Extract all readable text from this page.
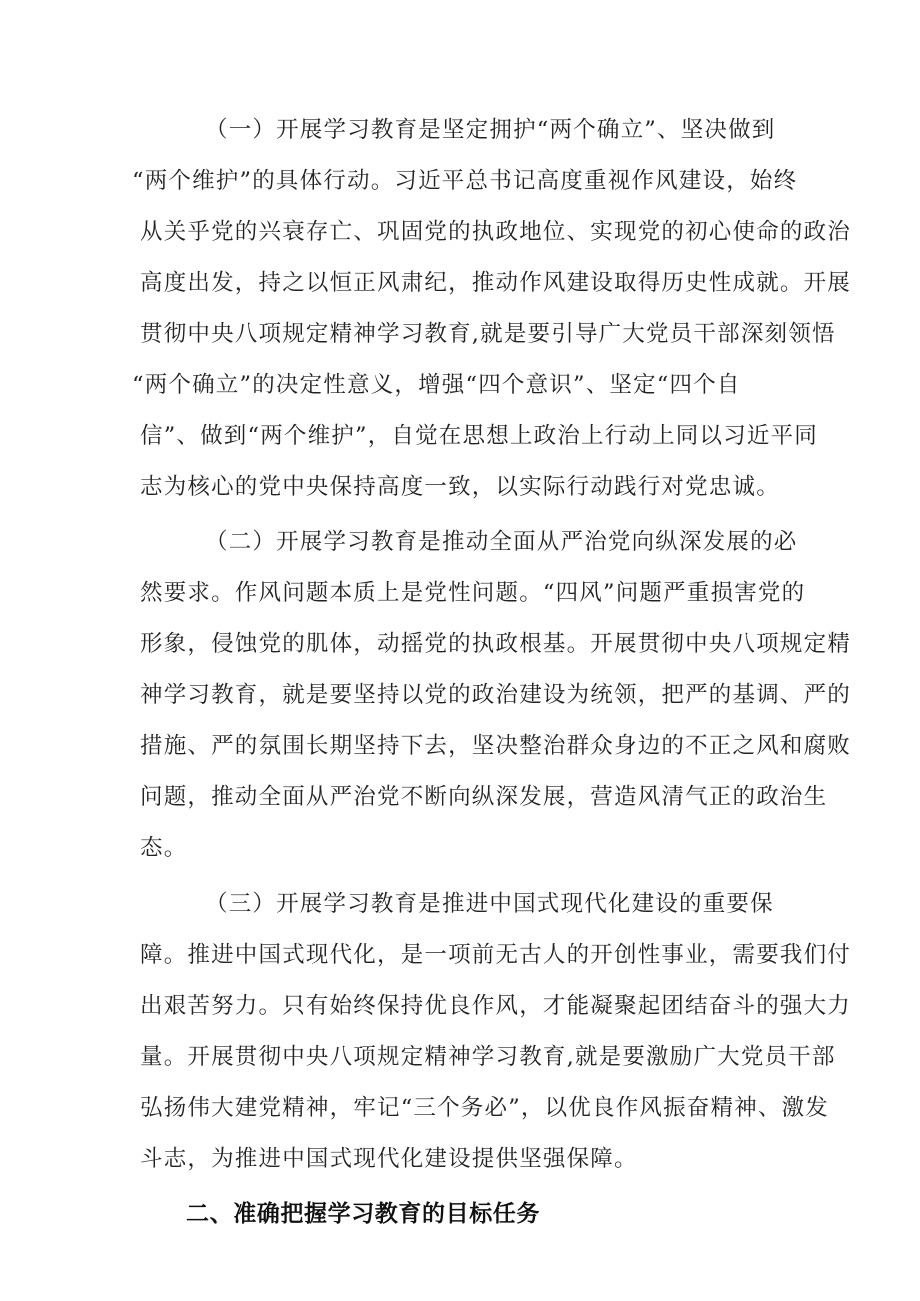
（一）开展学习教育是坚定拥护“两个确立”、坚决做到
“两个维护”的具体行动。习近平总书记高度重视作风建设，始终
从关乎党的兴衰存亡、巩固党的执政地位、实现党的初心使命的政治
高度出发，持之以恒正风肃纪，推动作风建设取得历史性成就。开展
贯彻中央八项规定精神学习教育,就是要引导广大党员干部深刻领悟
“两个确立”的决定性意义，增强“四个意识”、坚定“四个自
信”、做到“两个维护”，自觉在思想上政治上行动上同以习近平同
志为核心的党中央保持高度一致，以实际行动践行对党忠诚。
（二）开展学习教育是推动全面从严治党向纵深发展的必
然要求。作风问题本质上是党性问题。“四风”问题严重损害党的
形象，侵蚀党的肌体，动摇党的执政根基。开展贯彻中央八项规定精
神学习教育，就是要坚持以党的政治建设为统领，把严的基调、严的
措施、严的氛围长期坚持下去，坚决整治群众身边的不正之风和腐败
问题，推动全面从严治党不断向纵深发展，营造风清气正的政治生
态。
（三）开展学习教育是推进中国式现代化建设的重要保
障。推进中国式现代化，是一项前无古人的开创性事业，需要我们付
出艰苦努力。只有始终保持优良作风，才能凝聚起团结奋斗的强大力
量。开展贯彻中央八项规定精神学习教育,就是要激励广大党员干部
弘扬伟大建党精神，牢记“三个务必”，以优良作风振奋精神、激发
斗志，为推进中国式现代化建设提供坚强保障。
二、准确把握学习教育的目标任务
